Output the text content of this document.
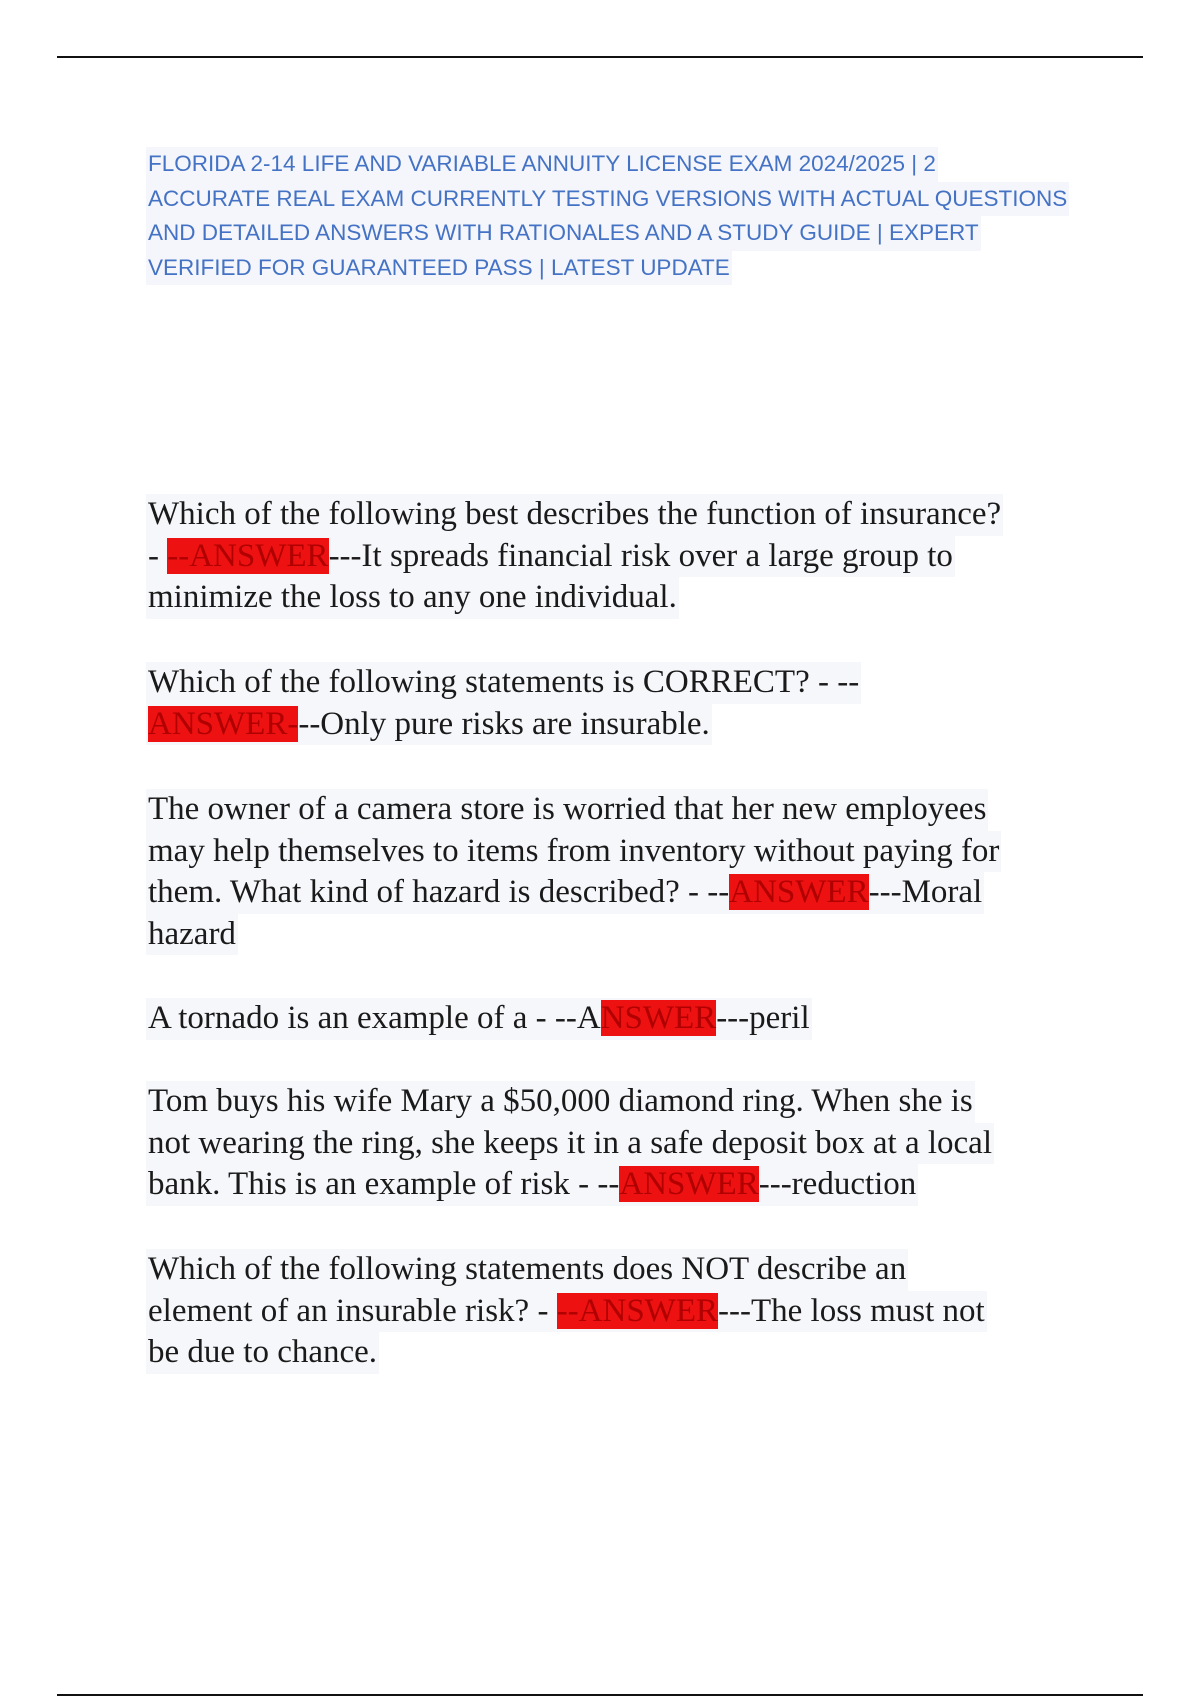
FLORIDA 2-14 LIFE AND VARIABLE ANNUITY LICENSE EXAM 2024/2025 | 2
ACCURATE REAL EXAM CURRENTLY TESTING VERSIONS WITH ACTUAL QUESTIONS
AND DETAILED ANSWERS WITH RATIONALES AND A STUDY GUIDE | EXPERT
VERIFIED FOR GUARANTEED PASS | LATEST UPDATE
Which of the following best describes the function of insurance?
- --ANSWER---It spreads financial risk over a large group to
minimize the loss to any one individual.
Which of the following statements is CORRECT? - --
ANSWER---Only pure risks are insurable.
The owner of a camera store is worried that her new employees
may help themselves to items from inventory without paying for
them. What kind of hazard is described? - --ANSWER---Moral
hazard
A tornado is an example of a - --ANSWER---peril
Tom buys his wife Mary a $50,000 diamond ring. When she is
not wearing the ring, she keeps it in a safe deposit box at a local
bank. This is an example of risk - --ANSWER---reduction
Which of the following statements does NOT describe an
element of an insurable risk? - --ANSWER---The loss must not
be due to chance.
